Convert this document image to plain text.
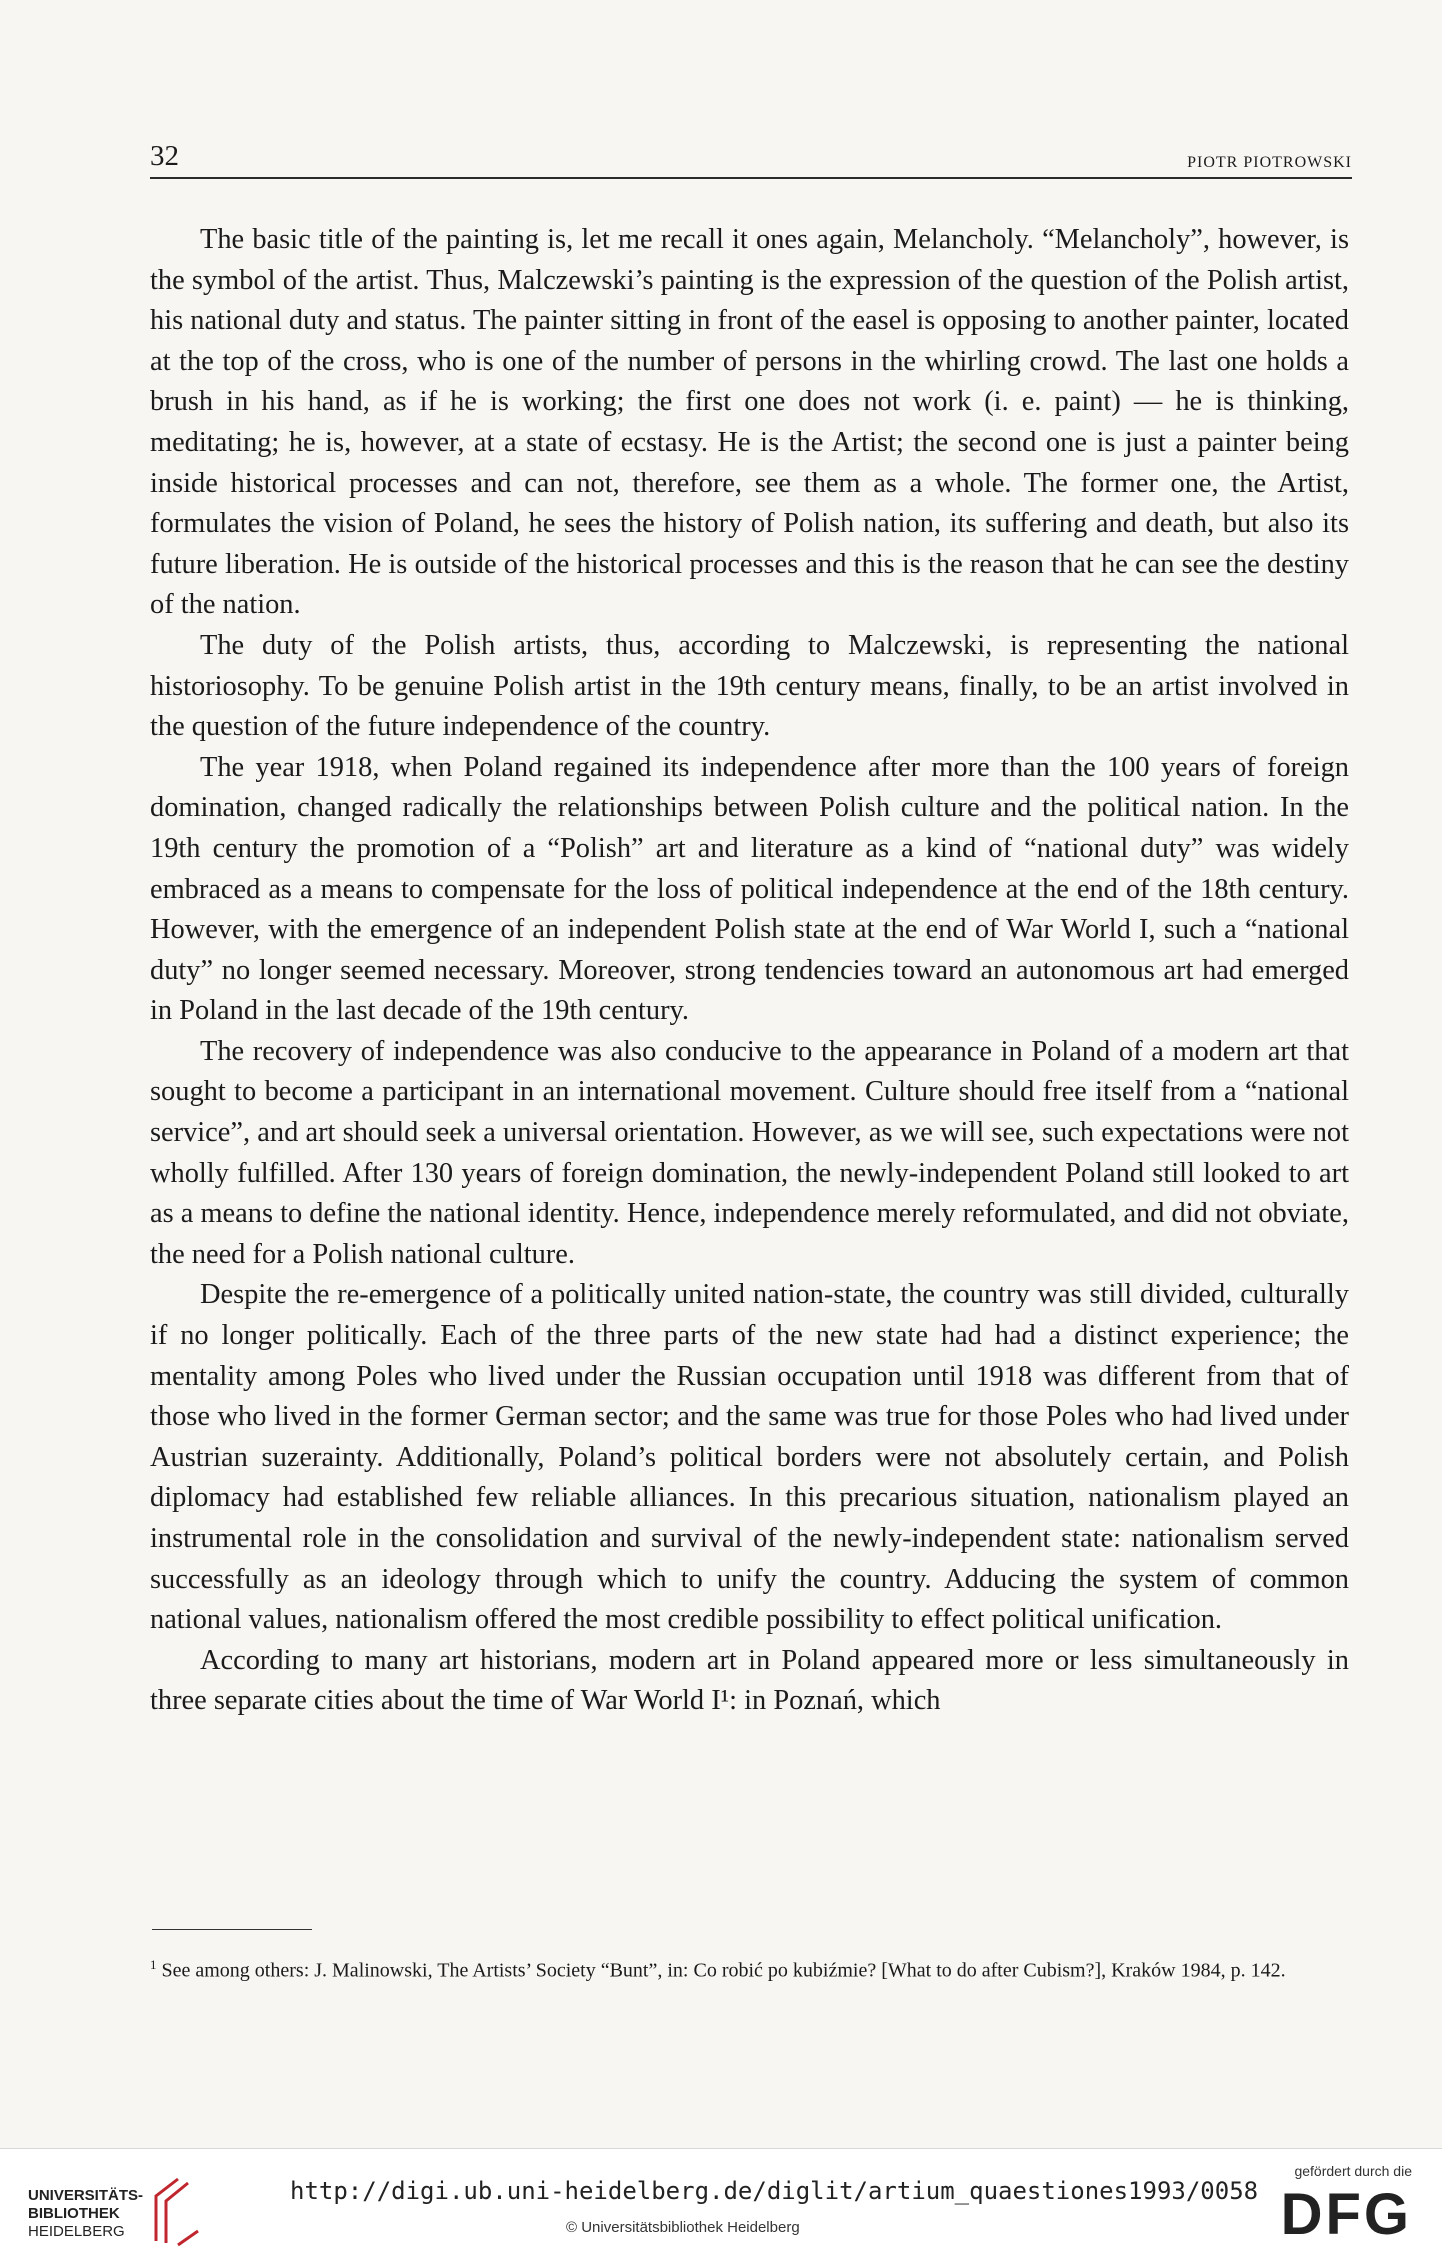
32	PIOTR PIOTROWSKI

The basic title of the painting is, let me recall it ones again, Melancholy. “Melancholy”, however, is the symbol of the artist. Thus, Malczewski’s painting is the expression of the question of the Polish artist, his national duty and status. The painter sitting in front of the easel is opposing to another painter, located at the top of the cross, who is one of the number of persons in the whirling crowd. The last one holds a brush in his hand, as if he is working; the first one does not work (i. e. paint) — he is thinking, meditating; he is, however, at a state of ecstasy. He is the Artist; the second one is just a painter being inside historical processes and can not, therefore, see them as a whole. The former one, the Artist, formulates the vision of Poland, he sees the history of Polish nation, its suffering and death, but also its future liberation. He is outside of the historical processes and this is the reason that he can see the destiny of the nation.

The duty of the Polish artists, thus, according to Malczewski, is representing the national historiosophy. To be genuine Polish artist in the 19th century means, finally, to be an artist involved in the question of the future independence of the country.

The year 1918, when Poland regained its independence after more than the 100 years of foreign domination, changed radically the relationships between Polish culture and the political nation. In the 19th century the promotion of a “Polish” art and literature as a kind of “national duty” was widely embraced as a means to compensate for the loss of political independence at the end of the 18th century. However, with the emergence of an independent Polish state at the end of War World I, such a “national duty” no longer seemed necessary. Moreover, strong tendencies toward an autonomous art had emerged in Poland in the last decade of the 19th century.

The recovery of independence was also conducive to the appearance in Poland of a modern art that sought to become a participant in an international movement. Culture should free itself from a “national service”, and art should seek a universal orientation. However, as we will see, such expectations were not wholly fulfilled. After 130 years of foreign domination, the newly-independent Poland still looked to art as a means to define the national identity. Hence, independence merely reformulated, and did not obviate, the need for a Polish national culture.

Despite the re-emergence of a politically united nation-state, the country was still divided, culturally if no longer politically. Each of the three parts of the new state had had a distinct experience; the mentality among Poles who lived under the Russian occupation until 1918 was different from that of those who lived in the former German sector; and the same was true for those Poles who had lived under Austrian suzerainty. Additionally, Poland’s political borders were not absolutely certain, and Polish diplomacy had established few reliable alliances. In this precarious situation, nationalism played an instrumental role in the consolidation and survival of the newly-independent state: nationalism served successfully as an ideology through which to unify the country. Adducing the system of common national values, nationalism offered the most credible possibility to effect political unification.

According to many art historians, modern art in Poland appeared more or less simultaneously in three separate cities about the time of War World I¹: in Poznań, which

$^1$ See among others: J. Malinowski, The Artists’ Society “Bunt”, in: Co robić po kubiźmie? [What to do after Cubism?], Kraków 1984, p. 142.
UNIVERSITÄTS-
BIBLIOTHEK
HEIDELBERG
http://digi.ub.uni-heidelberg.de/diglit/artium_quaestiones1993/0058
© Universitätsbibliothek Heidelberg
gefördert durch die
DFG
